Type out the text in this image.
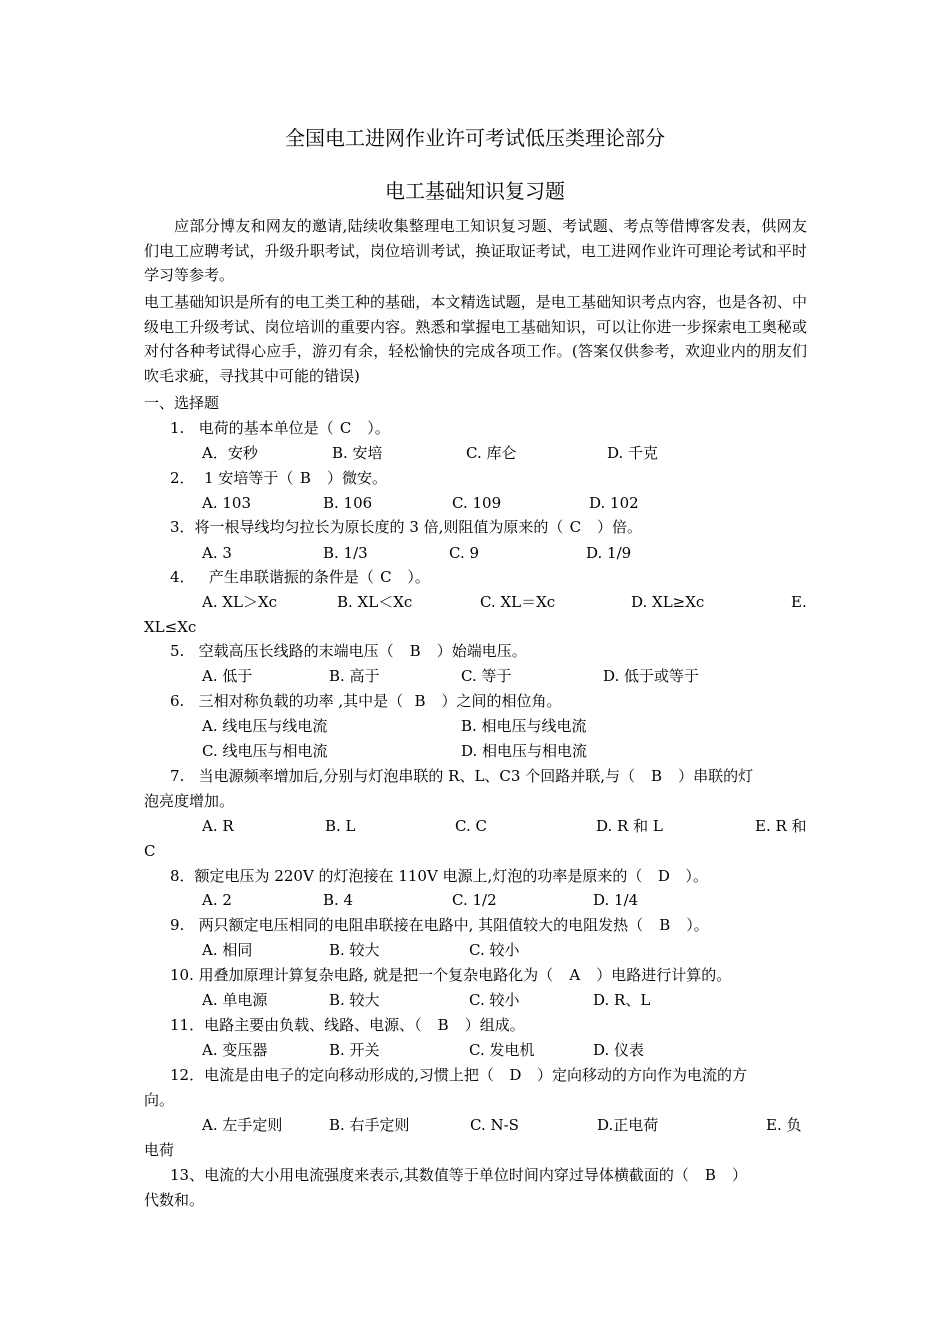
全国电工进网作业许可考试低压类理论部分
电工基础知识复习题

应部分博友和网友的邀请,陆续收集整理电工知识复习题、考试题、考点等借博客发表，供网友们电工应聘考试，升级升职考试，岗位培训考试，换证取证考试，电工进网作业许可理论考试和平时学习等参考。

电工基础知识是所有的电工类工种的基础，本文精选试题，是电工基础知识考点内容，也是各初、中级电工升级考试、岗位培训的重要内容。熟悉和掌握电工基础知识，可以让你进一步探索电工奥秘或对付各种考试得心应手，游刃有余，轻松愉快的完成各项工作。(答案仅供参考，欢迎业内的朋友们吹毛求疵，寻找其中可能的错误)

一、选择题
1. 电荷的基本单位是（ C ）。
A．安秒	B. 安培	C. 库仑	D. 千克
2． 1 安培等于（ B ）微安。
A. 103	B. 106	C. 109	D. 102
3．将一根导线均匀拉长为原长度的 3 倍,则阻值为原来的（ C ）倍。
A. 3	B. 1/3	C. 9	D. 1/9
4． 产生串联谐振的条件是（ C ）。
A. XL＞Xc	B. XL＜Xc	C. XL＝Xc	D. XL≥Xc	E.
XL≤Xc
5. 空载高压长线路的末端电压（ B ）始端电压。
A. 低于	B. 高于	C. 等于	D. 低于或等于
6. 三相对称负载的功率 ,其中是（ B ）之间的相位角。
A. 线电压与线电流	B. 相电压与线电流
C. 线电压与相电流	D. 相电压与相电流
7. 当电源频率增加后,分别与灯泡串联的 R、L、C3 个回路并联,与（ B ）串联的灯
泡亮度增加。
A. R	B. L	C. C	D. R 和 L	E. R 和
C
8．额定电压为 220V 的灯泡接在 110V 电源上,灯泡的功率是原来的（ D ）。
A. 2	B. 4	C. 1/2	D. 1/4
9. 两只额定电压相同的电阻串联接在电路中, 其阻值较大的电阻发热（ B ）。
A. 相同	B. 较大	C. 较小
10. 用叠加原理计算复杂电路, 就是把一个复杂电路化为（ A ）电路进行计算的。
A. 单电源	B. 较大	C. 较小	D. R、L
11．电路主要由负载、线路、电源、（ B ）组成。
A. 变压器	B. 开关	C. 发电机	D. 仪表
12．电流是由电子的定向移动形成的,习惯上把（ D ）定向移动的方向作为电流的方
向。
A. 左手定则	B. 右手定则	C. N-S	D.正电荷	E. 负
电荷
13、电流的大小用电流强度来表示,其数值等于单位时间内穿过导体横截面的（ B ）
代数和。
